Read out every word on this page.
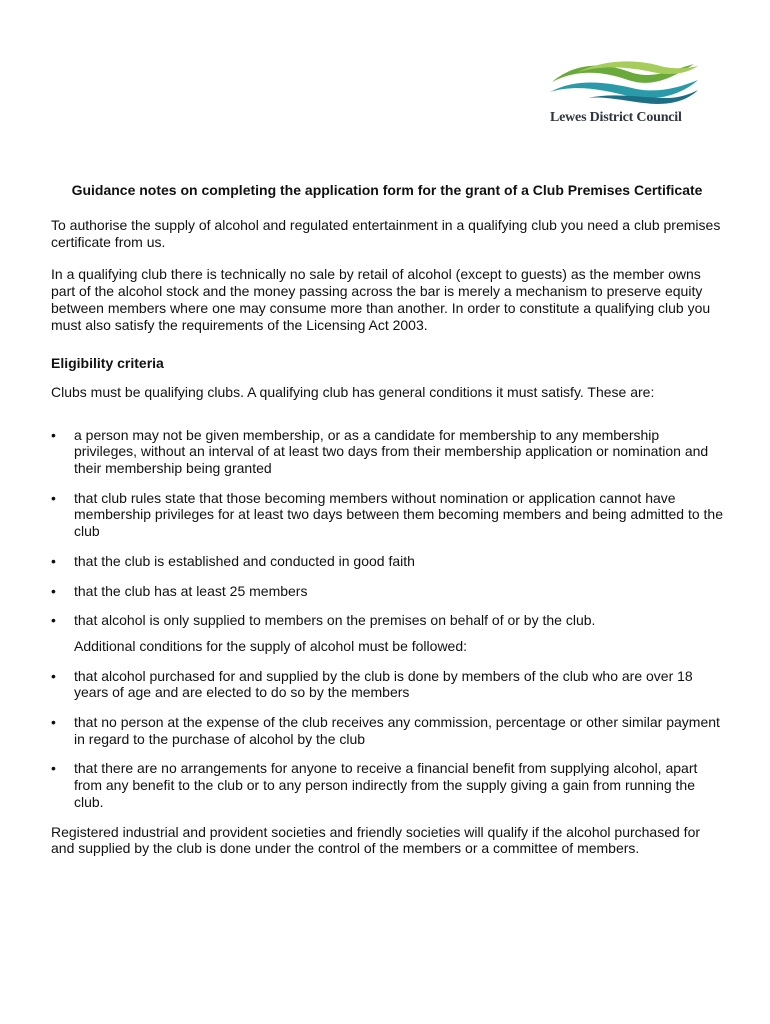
Lewes District Council
Guidance notes on completing the application form for the grant of a Club Premises Certificate

To authorise the supply of alcohol and regulated entertainment in a qualifying club you need a club premises certificate from us.

In a qualifying club there is technically no sale by retail of alcohol (except to guests) as the member owns part of the alcohol stock and the money passing across the bar is merely a mechanism to preserve equity between members where one may consume more than another. In order to constitute a qualifying club you must also satisfy the requirements of the Licensing Act 2003.

Eligibility criteria

Clubs must be qualifying clubs. A qualifying club has general conditions it must satisfy. These are:

• a person may not be given membership, or as a candidate for membership to any membership privileges, without an interval of at least two days from their membership application or nomination and their membership being granted
• that club rules state that those becoming members without nomination or application cannot have membership privileges for at least two days between them becoming members and being admitted to the club
• that the club is established and conducted in good faith
• that the club has at least 25 members
• that alcohol is only supplied to members on the premises on behalf of or by the club.
Additional conditions for the supply of alcohol must be followed:
• that alcohol purchased for and supplied by the club is done by members of the club who are over 18 years of age and are elected to do so by the members
• that no person at the expense of the club receives any commission, percentage or other similar payment in regard to the purchase of alcohol by the club
• that there are no arrangements for anyone to receive a financial benefit from supplying alcohol, apart from any benefit to the club or to any person indirectly from the supply giving a gain from running the club.

Registered industrial and provident societies and friendly societies will qualify if the alcohol purchased for and supplied by the club is done under the control of the members or a committee of members.
